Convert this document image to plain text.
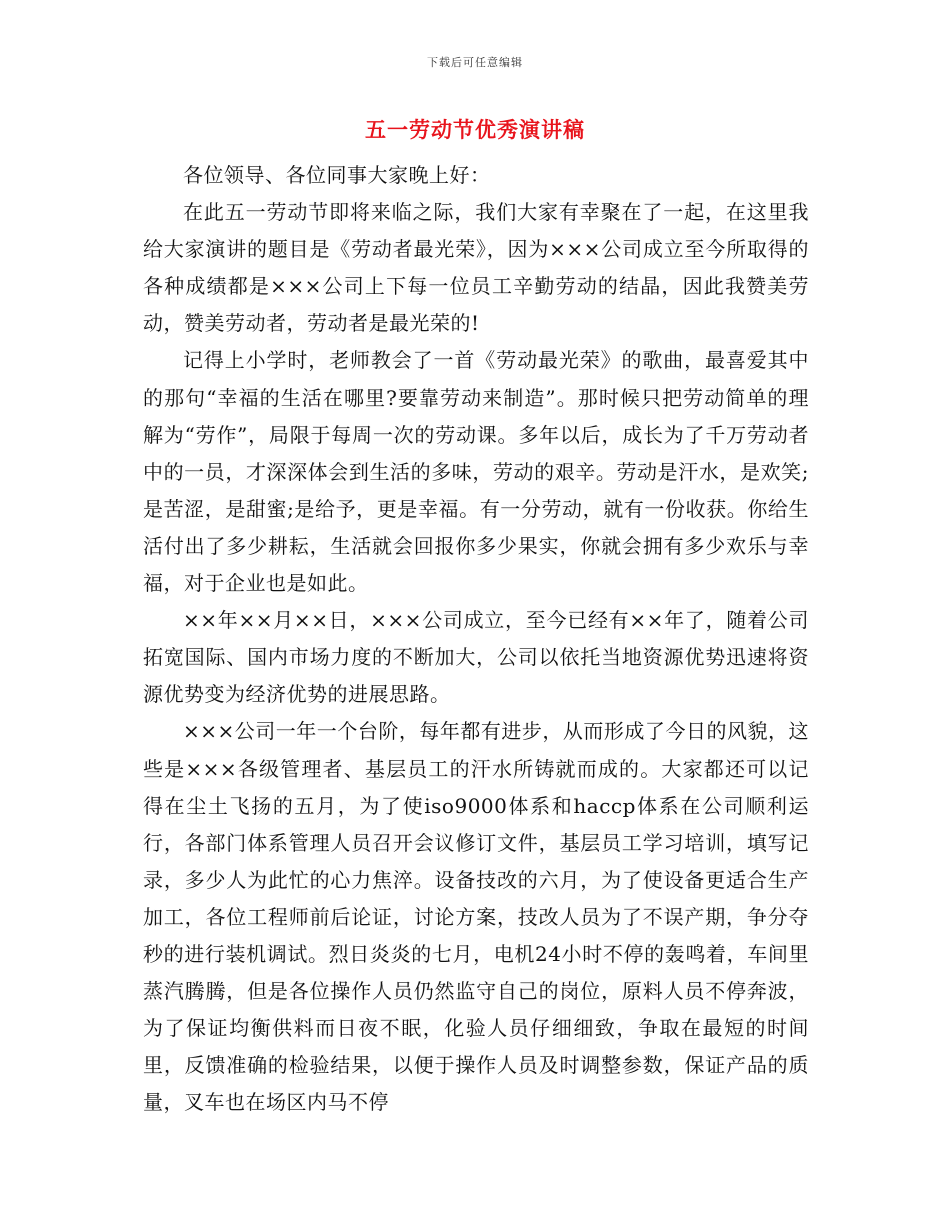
下载后可任意编辑
五一劳动节优秀演讲稿

各位领导、各位同事大家晚上好：

在此五一劳动节即将来临之际，我们大家有幸聚在了一起，在这里我给大家演讲的题目是《劳动者最光荣》，因为×××公司成立至今所取得的各种成绩都是×××公司上下每一位员工辛勤劳动的结晶，因此我赞美劳动，赞美劳动者，劳动者是最光荣的!

记得上小学时，老师教会了一首《劳动最光荣》的歌曲，最喜爱其中的那句“幸福的生活在哪里?要靠劳动来制造”。那时候只把劳动简单的理解为“劳作”，局限于每周一次的劳动课。多年以后，成长为了千万劳动者中的一员，才深深体会到生活的多味，劳动的艰辛。劳动是汗水，是欢笑;是苦涩，是甜蜜;是给予，更是幸福。有一分劳动，就有一份收获。你给生活付出了多少耕耘，生活就会回报你多少果实，你就会拥有多少欢乐与幸福，对于企业也是如此。

××年××月××日，×××公司成立，至今已经有××年了，随着公司拓宽国际、国内市场力度的不断加大，公司以依托当地资源优势迅速将资源优势变为经济优势的进展思路。

×××公司一年一个台阶，每年都有进步，从而形成了今日的风貌，这些是×××各级管理者、基层员工的汗水所铸就而成的。大家都还可以记得在尘土飞扬的五月，为了使iso9000体系和haccp体系在公司顺利运行，各部门体系管理人员召开会议修订文件，基层员工学习培训，填写记录，多少人为此忙的心力焦淬。设备技改的六月，为了使设备更适合生产加工，各位工程师前后论证，讨论方案，技改人员为了不误产期，争分夺秒的进行装机调试。烈日炎炎的七月，电机24小时不停的轰鸣着，车间里蒸汽腾腾，但是各位操作人员仍然监守自己的岗位，原料人员不停奔波，为了保证均衡供料而日夜不眠，化验人员仔细细致，争取在最短的时间里，反馈准确的检验结果，以便于操作人员及时调整参数，保证产品的质量，叉车也在场区内马不停
